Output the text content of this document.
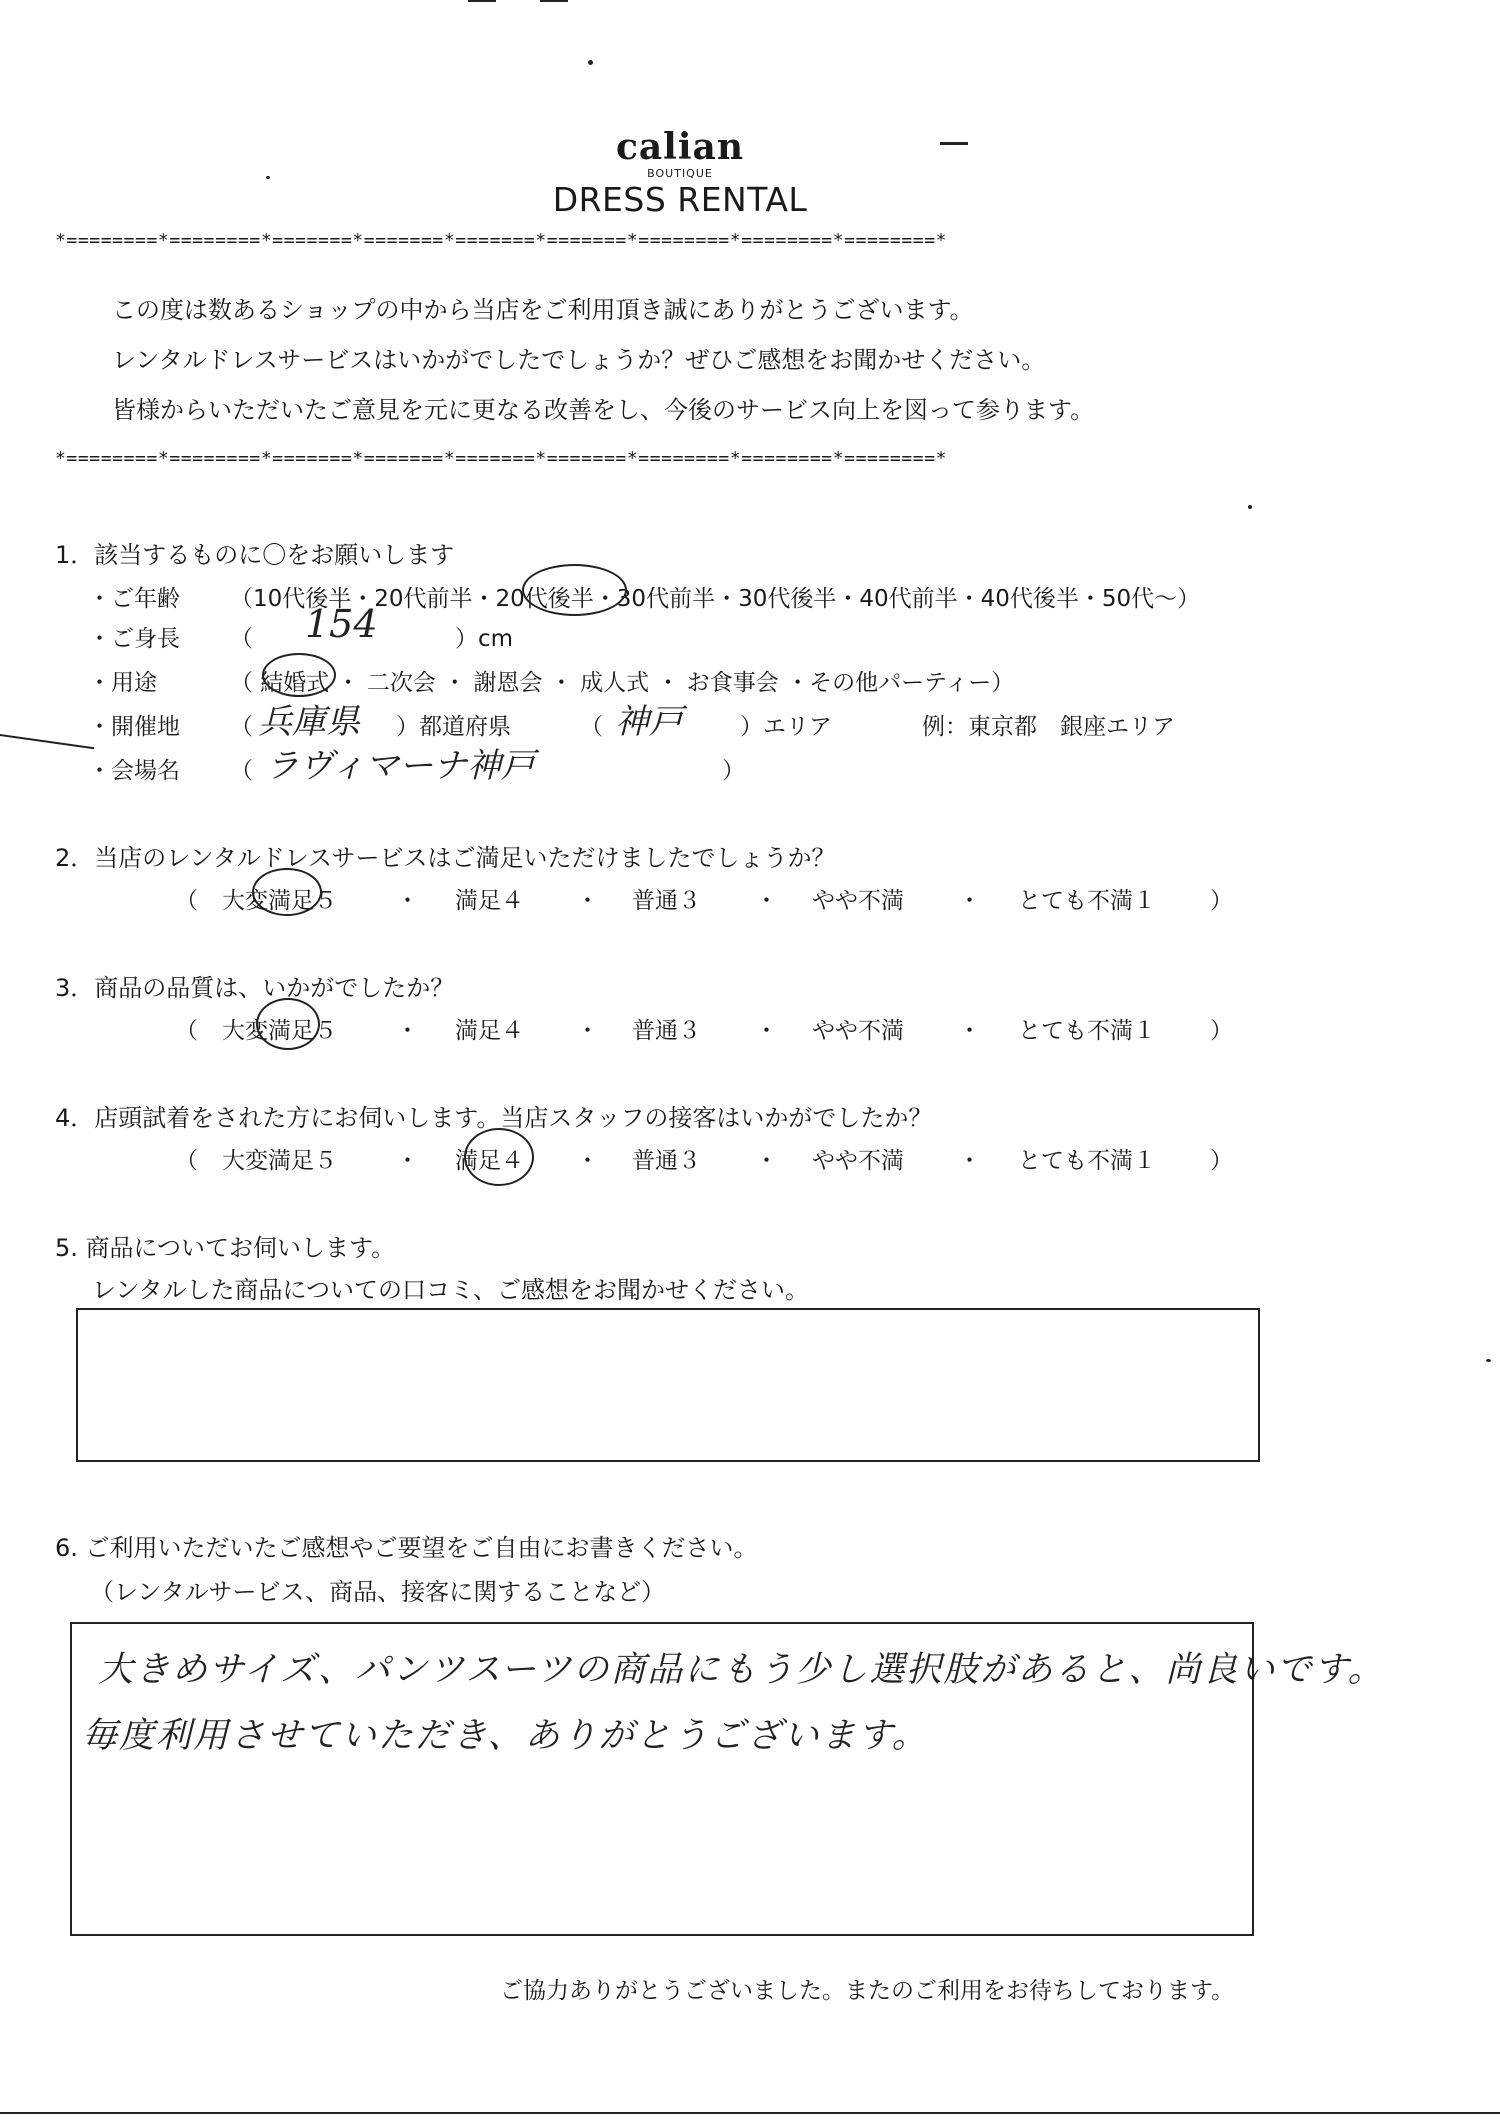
calian
BOUTIQUE
DRESS RENTAL
*========*========*=======*=======*=======*=======*========*========*========*
この度は数あるショップの中から当店をご利用頂き誠にありがとうございます。
レンタルドレスサービスはいかがでしたでしょうか？ぜひご感想をお聞かせください。
皆様からいただいたご意見を元に更なる改善をし、今後のサービス向上を図って参ります。
*========*========*=======*=======*=======*=======*========*========*========*
1．該当するものに〇をお願いします
・ご年齢 （10代後半・20代前半・20代後半・30代前半・30代後半・40代前半・40代後半・50代～）
・ご身長 （ 154	）cm
・用途	（ 結婚式 ・ 二次会 ・ 謝恩会 ・ 成人式 ・ お食事会 ・その他パーティー）
・開催地 （ 兵庫県 ）都道府県	（ 神戸 ）エリア	例：東京都　銀座エリア
・会場名 （ ラヴィマーナ神戸	）
2．当店のレンタルドレスサービスはご満足いただけましたでしょうか？
（ 大変満足５	・ 満足４ ・ 普通３ ・ やや不満 ・ とても不満１ ）
3．商品の品質は、いかがでしたか？
（ 大変満足５	・ 満足４ ・ 普通３ ・ やや不満 ・ とても不満１ ）
4．店頭試着をされた方にお伺いします。当店スタッフの接客はいかがでしたか？
（ 大変満足５	・ 満足４ ・ 普通３ ・ やや不満 ・ とても不満１ ）
5. 商品についてお伺いします。
レンタルした商品についての口コミ、ご感想をお聞かせください。
6. ご利用いただいたご感想やご要望をご自由にお書きください。
（レンタルサービス、商品、接客に関することなど）
大きめサイズ、パンツスーツの商品にもう少し選択肢があると、尚良いです。
毎度利用させていただき、ありがとうございます。
ご協力ありがとうございました。またのご利用をお待ちしております。
